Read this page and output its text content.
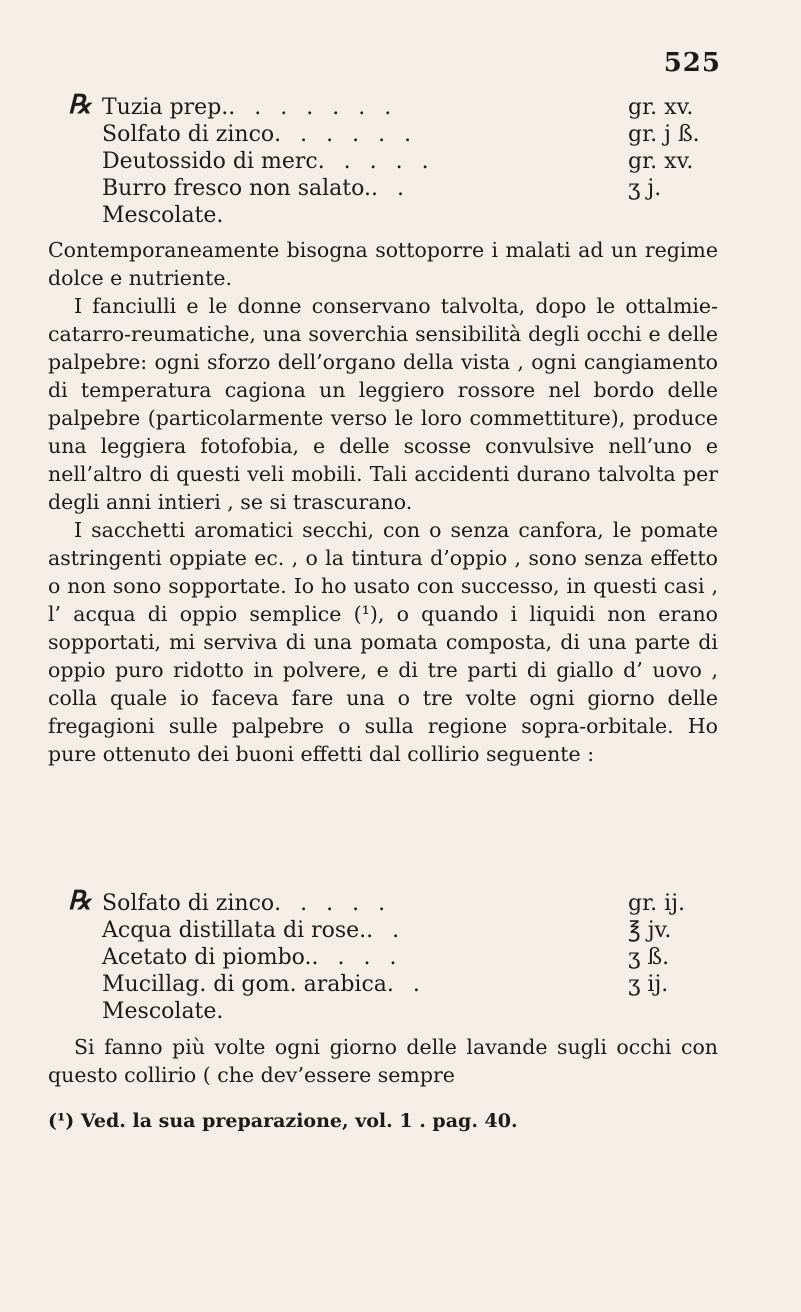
525
℞ Tuzia prep. . . . . . . .	gr. xv.
Solfato di zinco . . . . . .	gr. j ß.
Deutossido di merc . . . . .	gr. xv.
Burro fresco non salato. . .	ʒ j.
Mescolate.

Contemporaneamente bisogna sottoporre i malati ad un regime dolce e nutriente.

I fanciulli e le donne conservano talvolta, dopo le ottalmie-catarro-reumatiche, una soverchia sensibilità degli occhi e delle palpebre: ogni sforzo dell’organo della vista , ogni cangiamento di temperatura cagiona un leggiero rossore nel bordo delle palpebre (particolarmente verso le loro commettiture), produce una leggiera fotofobia, e delle scosse convulsive nell’uno e nell’altro di questi veli mobili. Tali accidenti durano talvolta per degli anni intieri , se si trascurano.

I sacchetti aromatici secchi, con o senza canfora, le pomate astringenti oppiate ec. , o la tintura d’oppio , sono senza effetto o non sono sopportate. Io ho usato con successo, in questi casi , l’ acqua di oppio semplice (¹), o quando i liquidi non erano sopportati, mi serviva di una pomata composta, di una parte di oppio puro ridotto in polvere, e di tre parti di giallo d’ uovo , colla quale io faceva fare una o tre volte ogni giorno delle fregagioni sulle palpebre o sulla regione sopra-orbitale. Ho pure ottenuto dei buoni effetti dal collirio seguente :

℞ Solfato di zinco . . . . .	gr. ij.
Acqua distillata di rose. . .	℥ jv.
Acetato di piombo. . . . .	ʒ ß.
Mucillag. di gom. arabica . .	ʒ ij.
Mescolate.

Si fanno più volte ogni giorno delle lavande sugli occhi con questo collirio ( che dev’essere sempre

(¹) Ved. la sua preparazione, vol. 1 . pag. 40.
